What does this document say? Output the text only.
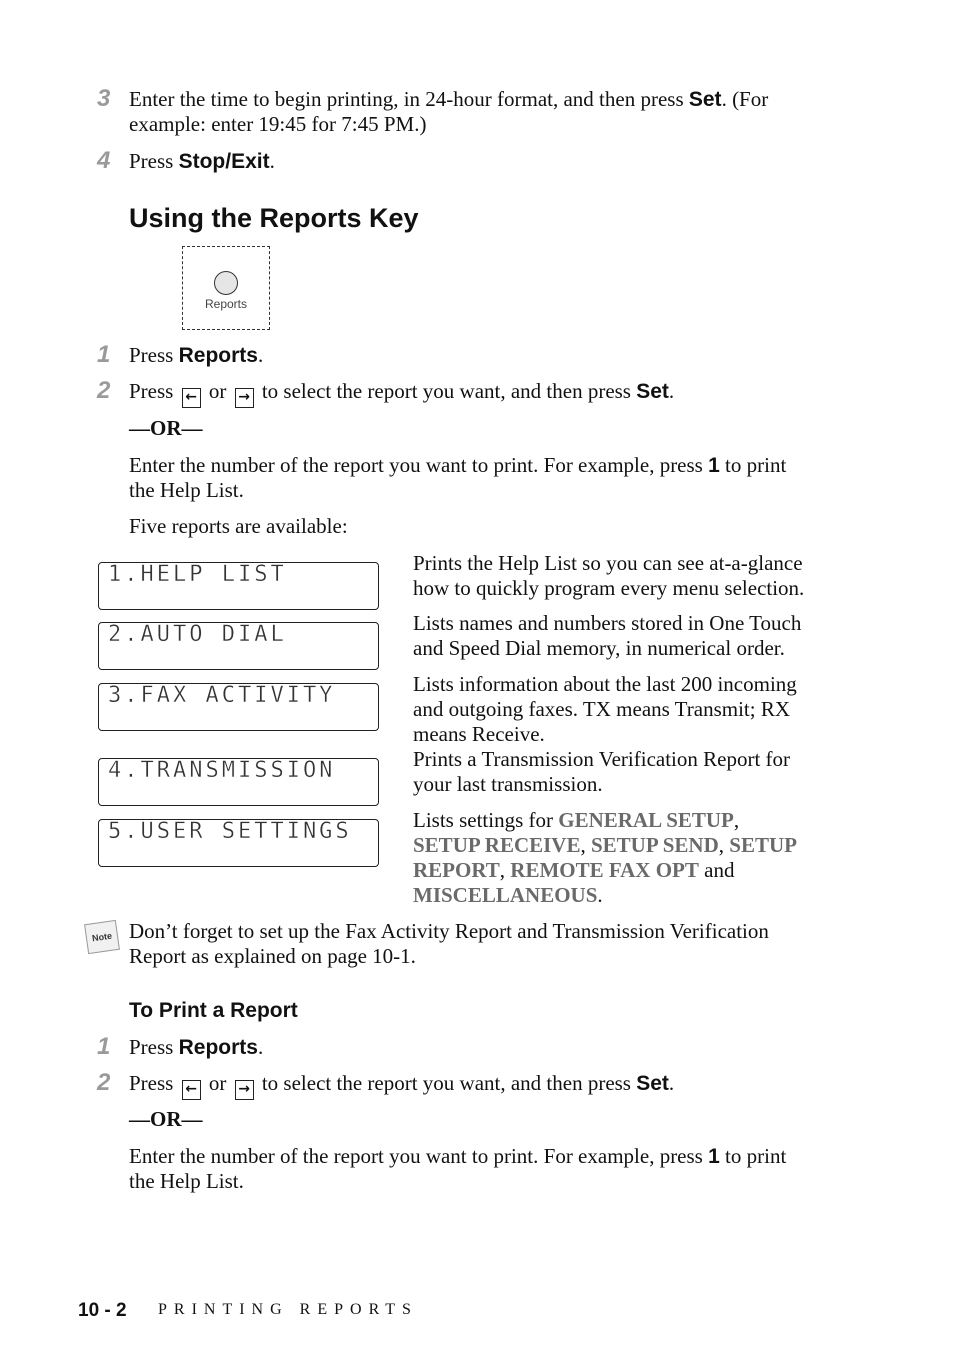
3 Enter the time to begin printing, in 24-hour format, and then press Set. (For
example: enter 19:45 for 7:45 PM.)
4 Press Stop/Exit.
Using the Reports Key
Reports
1 Press Reports.
2 Press ← or → to select the report you want, and then press Set.
—OR—
Enter the number of the report you want to print. For example, press 1 to print
the Help List.
Five reports are available:
1.HELP LIST	Prints the Help List so you can see at-a-glance
how to quickly program every menu selection.
2.AUTO DIAL	Lists names and numbers stored in One Touch
and Speed Dial memory, in numerical order.
3.FAX ACTIVITY	Lists information about the last 200 incoming
and outgoing faxes. TX means Transmit; RX
means Receive.
4.TRANSMISSION	Prints a Transmission Verification Report for
your last transmission.
5.USER SETTINGS	Lists settings for GENERAL SETUP,
SETUP RECEIVE, SETUP SEND, SETUP
REPORT, REMOTE FAX OPT and
MISCELLANEOUS.
Note Don’t forget to set up the Fax Activity Report and Transmission Verification
Report as explained on page 10-1.
To Print a Report
1 Press Reports.
2 Press ← or → to select the report you want, and then press Set.
—OR—
Enter the number of the report you want to print. For example, press 1 to print
the Help List.
10 - 2 PRINTING REPORTS
